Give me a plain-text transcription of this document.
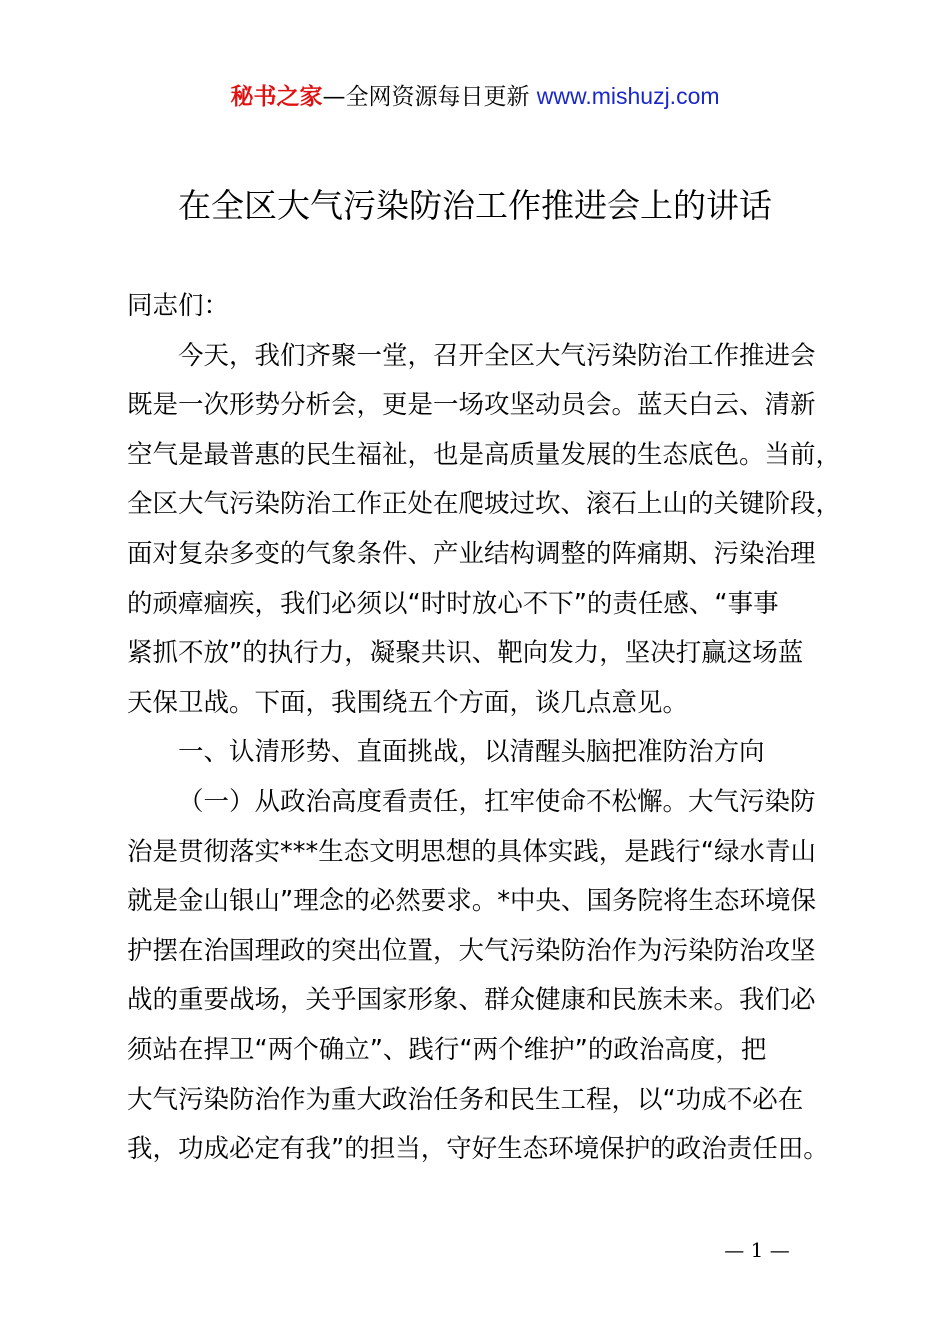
秘书之家—全网资源每日更新 www.mishuzj.com
在全区大气污染防治工作推进会上的讲话
同志们：
今天，我们齐聚一堂，召开全区大气污染防治工作推进会
既是一次形势分析会，更是一场攻坚动员会。蓝天白云、清新
空气是最普惠的民生福祉，也是高质量发展的生态底色。当前，
全区大气污染防治工作正处在爬坡过坎、滚石上山的关键阶段，
面对复杂多变的气象条件、产业结构调整的阵痛期、污染治理
的顽瘴痼疾，我们必须以“时时放心不下”的责任感、“事事
紧抓不放”的执行力，凝聚共识、靶向发力，坚决打赢这场蓝
天保卫战。下面，我围绕五个方面，谈几点意见。
一、认清形势、直面挑战，以清醒头脑把准防治方向
（一）从政治高度看责任，扛牢使命不松懈。大气污染防
治是贯彻落实***生态文明思想的具体实践，是践行“绿水青山
就是金山银山”理念的必然要求。*中央、国务院将生态环境保
护摆在治国理政的突出位置，大气污染防治作为污染防治攻坚
战的重要战场，关乎国家形象、群众健康和民族未来。我们必
须站在捍卫“两个确立”、践行“两个维护”的政治高度，把
大气污染防治作为重大政治任务和民生工程，以“功成不必在
我，功成必定有我”的担当，守好生态环境保护的政治责任田。
— 1 —
